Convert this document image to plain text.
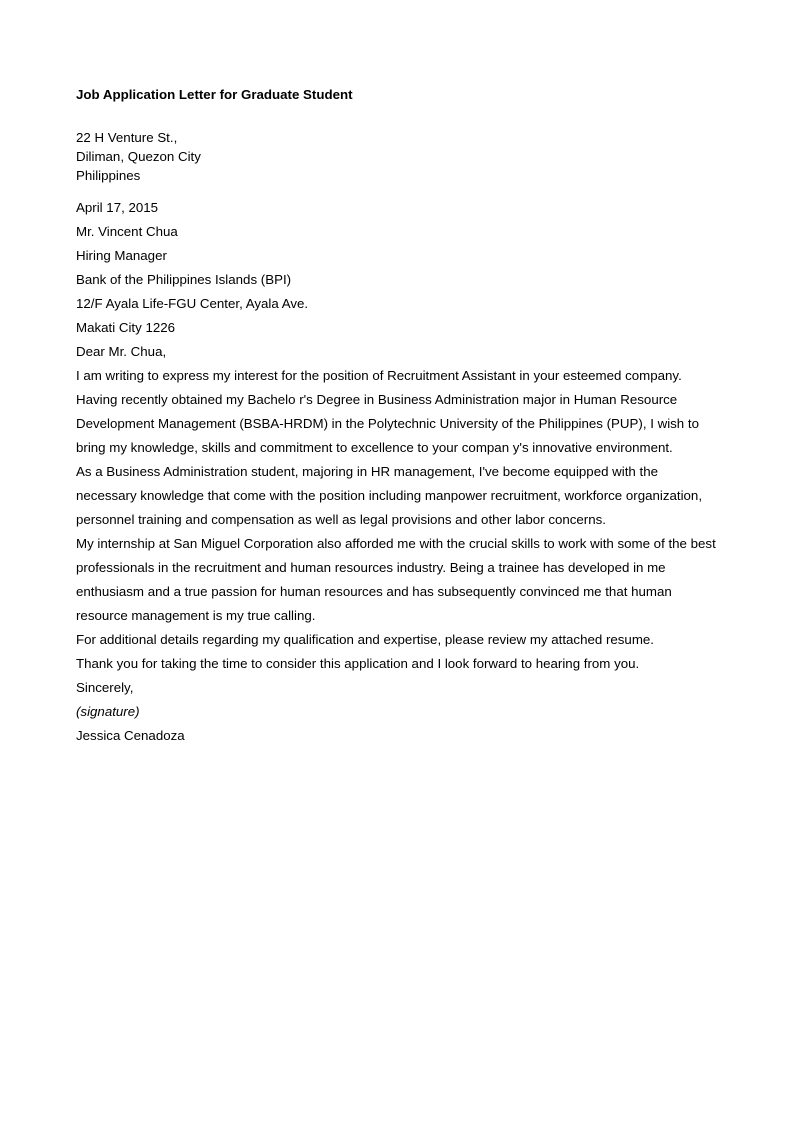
Job Application Letter for Graduate Student
22 H Venture St.,
Diliman, Quezon City
Philippines
April 17, 2015
Mr. Vincent Chua
Hiring Manager
Bank of the Philippines Islands (BPI)
12/F Ayala Life-FGU Center, Ayala Ave.
Makati City 1226
Dear Mr. Chua,
I am writing to express my interest for the position of Recruitment Assistant in your esteemed company.
Having recently obtained my Bachelo r's Degree in Business Administration major in Human Resource
Development Management (BSBA-HRDM) in the Polytechnic University of the Philippines (PUP), I wish to
bring my knowledge, skills and commitment to excellence to your compan y's innovative environment.
As a Business Administration student, majoring in HR management, I've become equipped with the
necessary knowledge that come with the position including manpower recruitment, workforce organization,
personnel training and compensation as well as legal provisions and other labor concerns.
My internship at San Miguel Corporation also afforded me with the crucial skills to work with some of the best
professionals in the recruitment and human resources industry. Being a trainee has developed in me
enthusiasm and a true passion for human resources and has subsequently convinced me that human
resource management is my true calling.
For additional details regarding my qualification and expertise, please review my attached resume.
Thank you for taking the time to consider this application and I look forward to hearing from you.
Sincerely,
(signature)
Jessica Cenadoza
